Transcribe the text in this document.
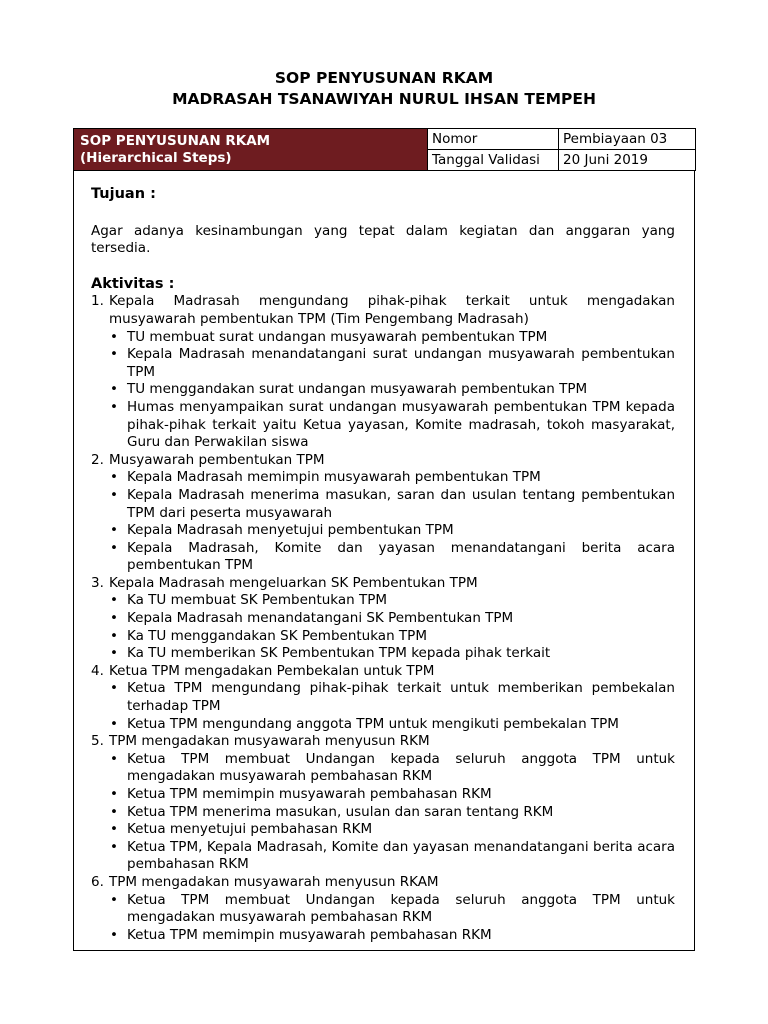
SOP PENYUSUNAN RKAM
MADRASAH TSANAWIYAH NURUL IHSAN TEMPEH
SOP PENYUSUNAN RKAM
(Hierarchical Steps)	Nomor	Pembiayaan 03
	Tanggal Validasi	20 Juni 2019
Tujuan :
Agar adanya kesinambungan yang tepat dalam kegiatan dan anggaran yang tersedia.
Aktivitas :
1. Kepala Madrasah mengundang pihak-pihak terkait untuk mengadakan musyawarah pembentukan TPM (Tim Pengembang Madrasah)
• TU membuat surat undangan musyawarah pembentukan TPM
• Kepala Madrasah menandatangani surat undangan musyawarah pembentukan TPM
• TU menggandakan surat undangan musyawarah pembentukan TPM
• Humas menyampaikan surat undangan musyawarah pembentukan TPM kepada pihak-pihak terkait yaitu Ketua yayasan, Komite madrasah, tokoh masyarakat, Guru dan Perwakilan siswa
2. Musyawarah pembentukan TPM
• Kepala Madrasah memimpin musyawarah pembentukan TPM
• Kepala Madrasah menerima masukan, saran dan usulan tentang pembentukan TPM dari peserta musyawarah
• Kepala Madrasah menyetujui pembentukan TPM
• Kepala Madrasah, Komite dan yayasan menandatangani berita acara pembentukan TPM
3. Kepala Madrasah mengeluarkan SK Pembentukan TPM
• Ka TU membuat SK Pembentukan TPM
• Kepala Madrasah menandatangani SK Pembentukan TPM
• Ka TU menggandakan SK Pembentukan TPM
• Ka TU memberikan SK Pembentukan TPM kepada pihak terkait
4. Ketua TPM mengadakan Pembekalan untuk TPM
• Ketua TPM mengundang pihak-pihak terkait untuk memberikan pembekalan terhadap TPM
• Ketua TPM mengundang anggota TPM untuk mengikuti pembekalan TPM
5. TPM mengadakan musyawarah menyusun RKM
• Ketua TPM membuat Undangan kepada seluruh anggota TPM untuk mengadakan musyawarah pembahasan RKM
• Ketua TPM memimpin musyawarah pembahasan RKM
• Ketua TPM menerima masukan, usulan dan saran tentang RKM
• Ketua menyetujui pembahasan RKM
• Ketua TPM, Kepala Madrasah, Komite dan yayasan menandatangani berita acara pembahasan RKM
6. TPM mengadakan musyawarah menyusun RKAM
• Ketua TPM membuat Undangan kepada seluruh anggota TPM untuk mengadakan musyawarah pembahasan RKM
• Ketua TPM memimpin musyawarah pembahasan RKM
